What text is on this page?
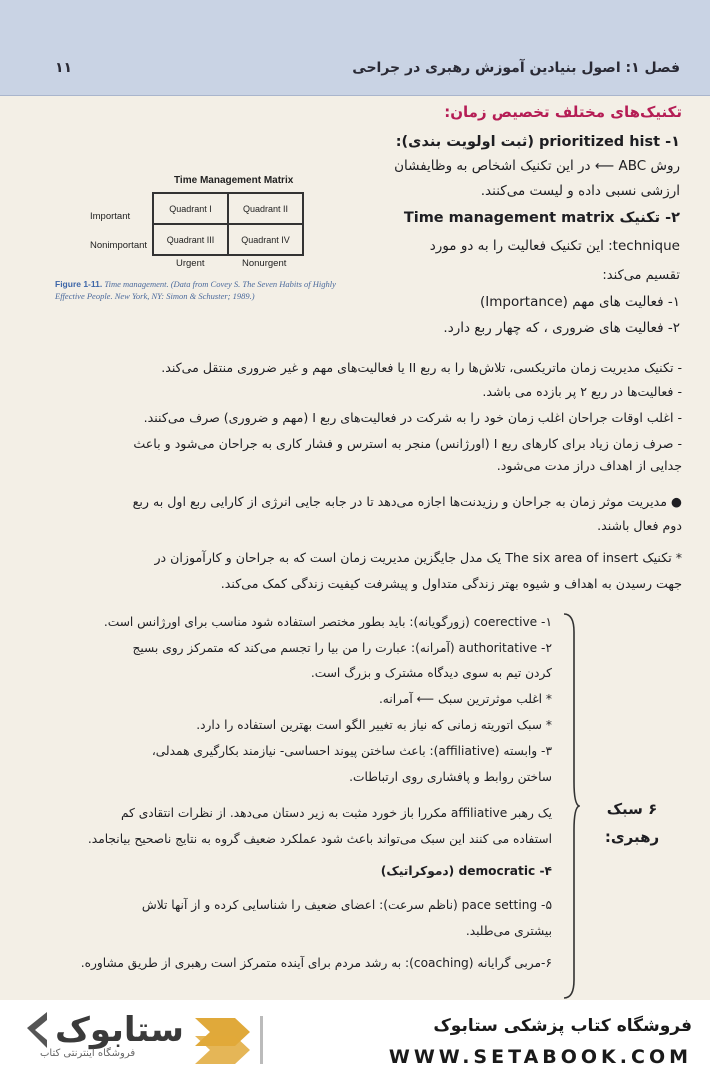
فصل ۱: اصول بنیادین آموزش رهبری در جراحی
۱۱
تکنیک‌های مختلف تخصیص زمان:
۱- prioritized hist (ثبت اولویت بندی):
روش ABC ⟵ در این تکنیک اشخاص به وظایفشان
ارزشی نسبی داده و لیست می‌کنند.
۲- تکنیک Time management matrix
technique: این تکنیک فعالیت را به دو مورد
تقسیم می‌کند:
۱- فعالیت های مهم (Importance)
۲- فعالیت های ضروری ، که چهار ربع دارد.
- تکنیک مدیریت زمان ماتریکسی، تلاش‌ها را به ربع II یا فعالیت‌های مهم و غیر ضروری منتقل می‌کند.
- فعالیت‌ها در ربع ۲ پر بازده می باشد.
- اغلب اوقات جراحان اغلب زمان خود را به شرکت در فعالیت‌های ربع I (مهم و ضروری) صرف می‌کنند.
- صرف زمان زیاد برای کارهای ربع I (اورژانس) منجر به استرس و فشار کاری به جراحان می‌شود و باعث
جدایی از اهداف دراز مدت می‌شود.
● مدیریت موثر زمان به جراحان و رزیدنت‌ها اجازه می‌دهد تا در جابه جایی انرژی از کارایی ربع اول به ربع
دوم فعال باشند.
* تکنیک The six area of insert یک مدل جایگزین مدیریت زمان است که به جراحان و کارآموزان در
جهت رسیدن به اهداف و شیوه بهتر زندگی متداول و پیشرفت کیفیت زندگی کمک می‌کند.
Time Management Matrix
Quadrant I	Quadrant II
Quadrant III	Quadrant IV
Important
Nonimportant
Urgent	Nonurgent
Figure 1-11. Time management. (Data from Covey S. The Seven Habits of Highly Effective People. New York, NY: Simon & Schuster; 1989.)
۱- coerective (زورگویانه): باید بطور مختصر استفاده شود مناسب برای اورژانس است.
۲- authoritative (آمرانه): عبارت را من بیا را تجسم می‌کند که متمرکز روی بسیج
کردن تیم به سوی دیدگاه مشترک و بزرگ است.
* اغلب موثرترین سبک ⟵ آمرانه.
* سبک اتوریته زمانی که نیاز به تغییر الگو است بهترین استفاده را دارد.
۳- وابسته (affiliative): باعث ساختن پیوند احساسی- نیازمند بکارگیری همدلی،
ساختن روابط و پافشاری روی ارتباطات.
یک رهبر affiliative مکررا باز خورد مثبت به زیر دستان می‌دهد. از نظرات انتقادی کم
استفاده می کنند این سبک می‌تواند باعث شود عملکرد ضعیف گروه به نتایج ناصحیح بیانجامد.
۴- democratic (دموکراتیک)
۵- pace setting (ناظم سرعت): اعضای ضعیف را شناسایی کرده و از آنها تلاش
بیشتری می‌طلبد.
۶-مربی گرایانه (coaching): به رشد مردم برای آینده متمرکز است رهبری از طریق مشاوره.
۶ سبک
رهبری:
فروشگاه کتاب پزشکی ستابوک
WWW.SETABOOK.COM
ستابوک
فروشگاه اینترنتی کتاب
